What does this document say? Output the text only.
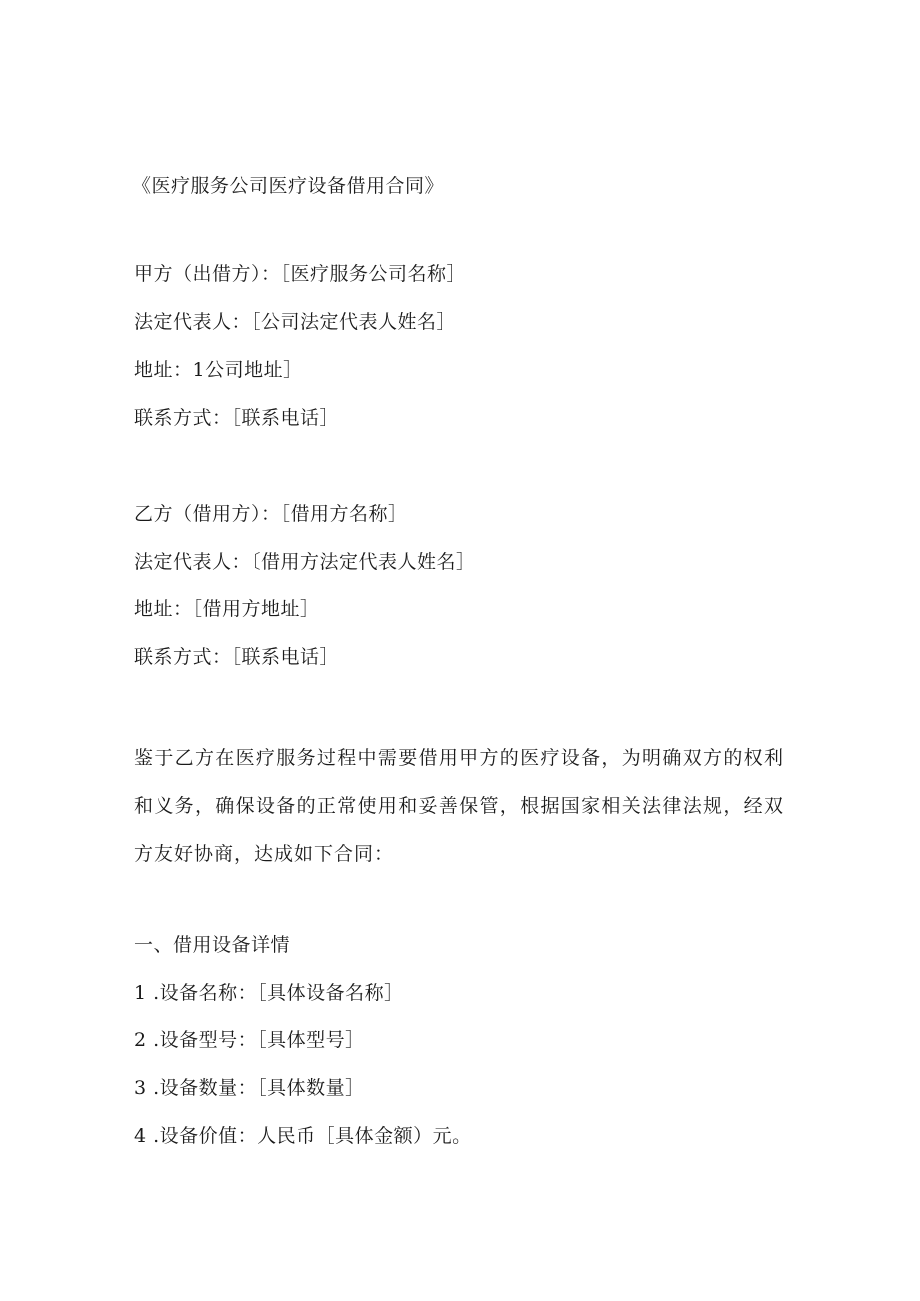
《医疗服务公司医疗设备借用合同》
甲方（出借方）：［医疗服务公司名称］
法定代表人：［公司法定代表人姓名］
地址：1公司地址］
联系方式：［联系电话］
乙方（借用方）：［借用方名称］
法定代表人：〔借用方法定代表人姓名］
地址：［借用方地址］
联系方式：［联系电话］
鉴于乙方在医疗服务过程中需要借用甲方的医疗设备，为明确双方的权利和义务，确保设备的正常使用和妥善保管，根据国家相关法律法规，经双方友好协商，达成如下合同：
一、借用设备详情
1 .设备名称：［具体设备名称］
2 .设备型号：［具体型号］
3 .设备数量：［具体数量］
4 .设备价值：人民币［具体金额）元。
